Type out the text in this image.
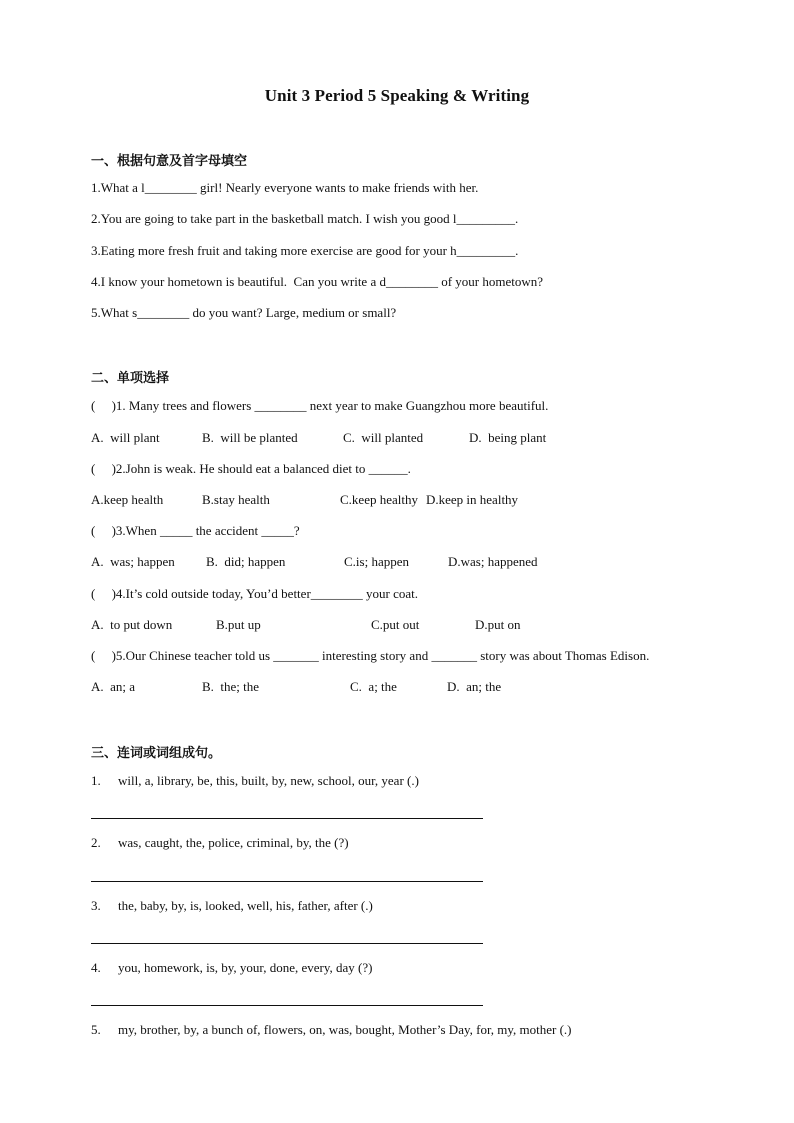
Unit 3 Period 5 Speaking & Writing
一、根据句意及首字母填空
1.What a l________ girl! Nearly everyone wants to make friends with her.
2.You are going to take part in the basketball match. I wish you good l_________.
3.Eating more fresh fruit and taking more exercise are good for your h_________.
4.I know your hometown is beautiful.  Can you write a d________ of your hometown?
5.What s________ do you want? Large, medium or small?
二、单项选择
(     )1. Many trees and flowers ________ next year to make Guangzhou more beautiful.
A.  will plant	B.  will be planted	C.  will planted	D.  being plant
(     )2.John is weak. He should eat a balanced diet to ______.
A.keep health	B.stay health	C.keep healthy D.keep in healthy
(     )3.When _____ the accident _____?
A.  was; happen B.  did; happen	C.is; happen	D.was; happened
(     )4.It’s cold outside today, You’d better________ your coat.
A.  to put down	B.put up	C.put out	D.put on
(     )5.Our Chinese teacher told us _______ interesting story and _______ story was about Thomas Edison.
A.  an; a	B.  the; the	C.  a; the	D.  an; the
三、连词或词组成句。
1. will, a, library, be, this, built, by, new, school, our, year (.)
2. was, caught, the, police, criminal, by, the (?)
3. the, baby, by, is, looked, well, his, father, after (.)
4. you, homework, is, by, your, done, every, day (?)
5. my, brother, by, a bunch of, flowers, on, was, bought, Mother’s Day, for, my, mother (.)
